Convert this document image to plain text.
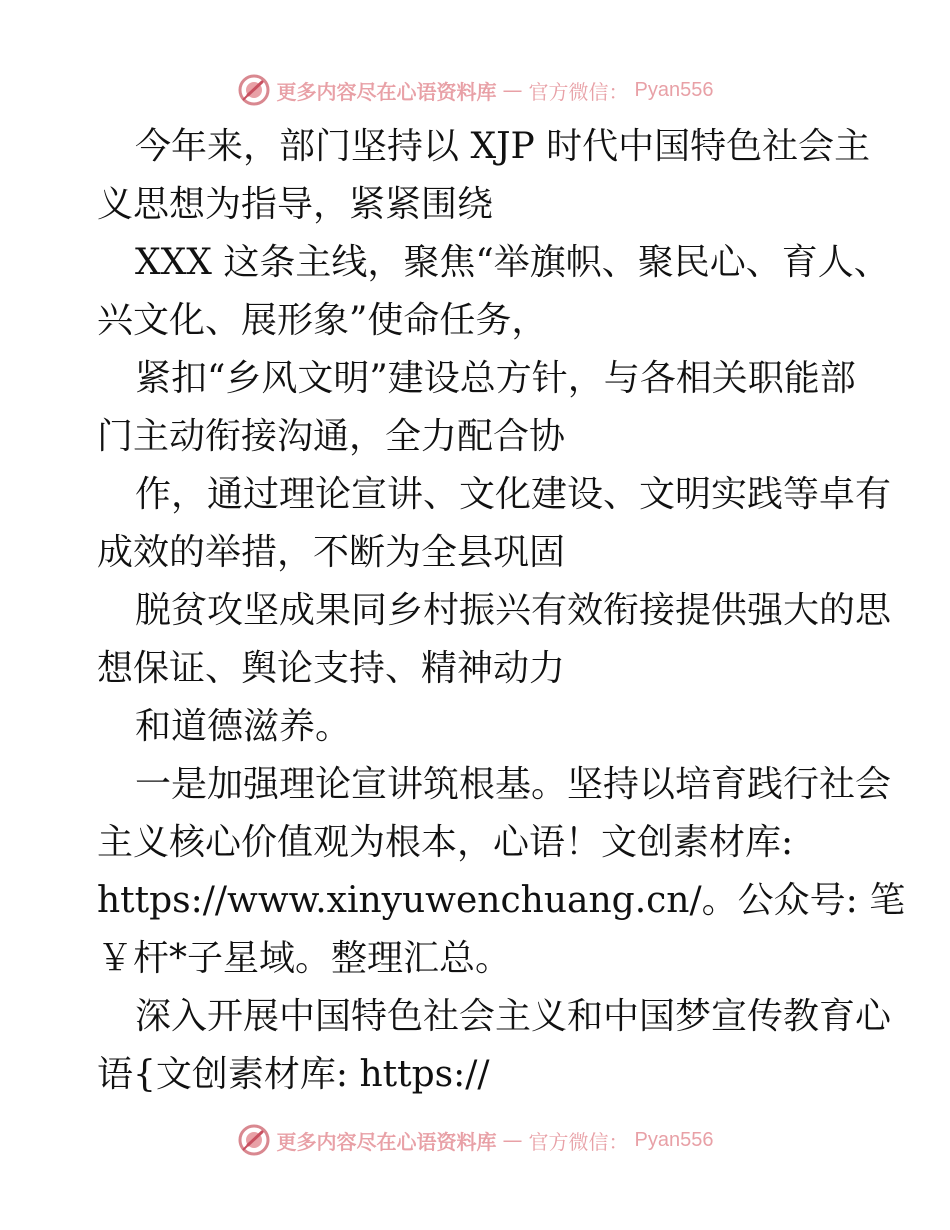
更多内容尽在心语资料库 — 官方微信： Pyan556

今年来，部门坚持以 XJP 时代中国特色社会主

义思想为指导，紧紧围绕

XXX 这条主线，聚焦“举旗帜、聚民心、育人、

兴文化、展形象”使命任务，

紧扣“乡风文明”建设总方针，与各相关职能部

门主动衔接沟通，全力配合协

作，通过理论宣讲、文化建设、文明实践等卓有

成效的举措，不断为全县巩固

脱贫攻坚成果同乡村振兴有效衔接提供强大的思

想保证、舆论支持、精神动力

和道德滋养。

一是加强理论宣讲筑根基。坚持以培育践行社会

主义核心价值观为根本，心语！文创素材库:

https://www.xinyuwenchuang.cn/。公众号: 笔

￥杆*子星域。整理汇总。

深入开展中国特色社会主义和中国梦宣传教育心

语{文创素材库: https://

更多内容尽在心语资料库 — 官方微信： Pyan556
